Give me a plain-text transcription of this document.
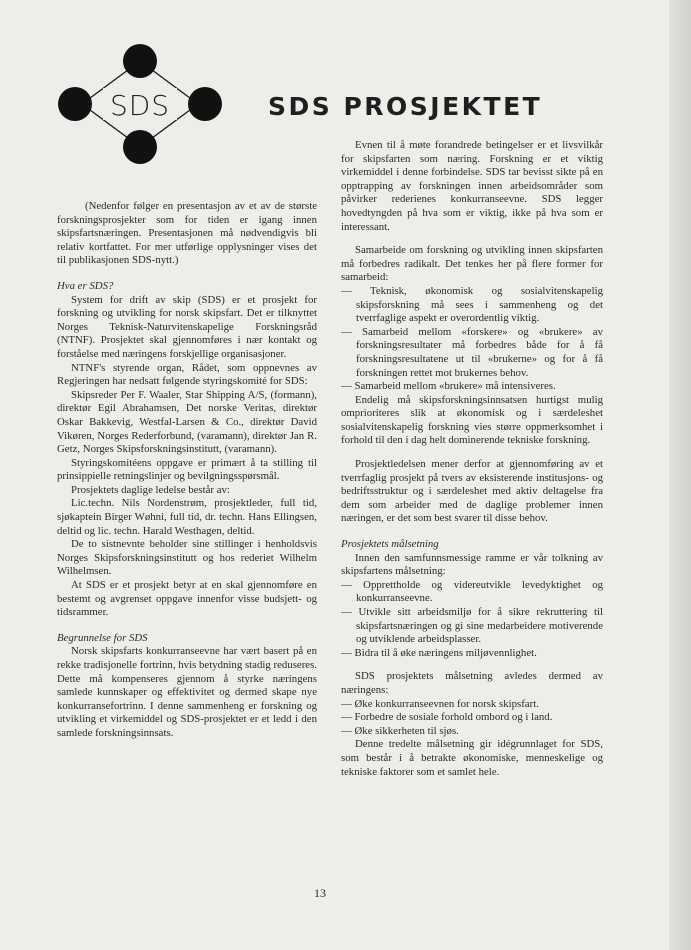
SDS	SDS PROSJEKTET

(Nedenfor følger en presentasjon av et av de største forskningsprosjekter som for tiden er igang innen skipsfartsnæringen. Presentasjonen må nødvendigvis bli relativ kortfattet. For mer utførlige opplysninger vises det til publikasjonen SDS-nytt.)

Hva er SDS?

System for drift av skip (SDS) er et prosjekt for forskning og utvikling for norsk skipsfart. Det er tilknyttet Norges Teknisk-Naturvitenskapelige Forskningsråd (NTNF). Prosjektet skal gjennomføres i nær kontakt og forståelse med næringens forskjellige organisasjoner.

NTNF's styrende organ, Rådet, som oppnevnes av Regjeringen har nedsatt følgende styringskomité for SDS:

Skipsreder Per F. Waaler, Star Shipping A/S, (formann), direktør Egil Abrahamsen, Det norske Veritas, direktør Oskar Bakkevig, Westfal-Larsen & Co., direktør David Vikøren, Norges Rederforbund, (varamann), direktør Jan R. Getz, Norges Skipsforskningsinstitutt, (varamann).

Styringskomitéens oppgave er primært å ta stilling til prinsippielle retningslinjer og bevilgningsspørsmål.

Prosjektets daglige ledelse består av:

Lic.techn. Nils Nordenstrøm, prosjektleder, full tid, sjøkaptein Birger Wøhni, full tid, dr. techn. Hans Ellingsen, deltid og lic. techn. Harald Westhagen, deltid.

De to sistnevnte beholder sine stillinger i henholdsvis Norges Skipsforskningsinstitutt og hos rederiet Wilhelm Wilhelmsen.

At SDS er et prosjekt betyr at en skal gjennomføre en bestemt og avgrenset oppgave innenfor visse budsjett- og tidsrammer.

Begrunnelse for SDS

Norsk skipsfarts konkurranseevne har vært basert på en rekke tradisjonelle fortrinn, hvis betydning stadig reduseres. Dette må kompenseres gjennom å styrke næringens samlede kunnskaper og effektivitet og dermed skape nye konkurransefortrinn. I denne sammenheng er forskning og utvikling et virkemiddel og SDS-prosjektet er et ledd i den samlede forskningsinnsats.

Evnen til å møte forandrede betingelser er et livsvilkår for skipsfarten som næring. Forskning er et viktig virkemiddel i denne forbindelse. SDS tar bevisst sikte på en opptrapping av forskningen innen arbeidsområder som påvirker rederienes konkurranseevne. SDS legger hovedtyngden på hva som er viktig, ikke på hva som er interessant.

Samarbeide om forskning og utvikling innen skipsfarten må forbedres radikalt. Det tenkes her på flere former for samarbeid:

— Teknisk, økonomisk og sosialvitenskapelig skipsforskning må sees i sammenheng og det tverrfaglige aspekt er overordentlig viktig.

— Samarbeid mellom «forskere» og «brukere» av forskningsresultater må forbedres både for å få forskningsresultatene ut til «brukerne» og for å få forskningen rettet mot brukernes behov.

— Samarbeid mellom «brukere» må intensiveres.

Endelig må skipsforskningsinnsatsen hurtigst mulig omprioriteres slik at økonomisk og i særdeleshet sosialvitenskapelig forskning vies større oppmerksomhet i forhold til den i dag helt dominerende tekniske forskning.

Prosjektledelsen mener derfor at gjennomføring av et tverrfaglig prosjekt på tvers av eksisterende institusjons- og bedriftsstruktur og i særdeleshet med aktiv deltagelse fra dem som arbeider med de daglige problemer innen næringen, er det som best svarer til disse behov.

Prosjektets målsetning

Innen den samfunnsmessige ramme er vår tolkning av skipsfartens målsetning:

— Opprettholde og videreutvikle levedyktighet og konkurranseevne.

— Utvikle sitt arbeidsmiljø for å sikre rekruttering til skipsfartsnæringen og gi sine medarbeidere motiverende og utviklende arbeidsplasser.

— Bidra til å øke næringens miljøvennlighet.

SDS prosjektets målsetning avledes dermed av næringens:

— Øke konkurranseevnen for norsk skipsfart.

— Forbedre de sosiale forhold ombord og i land.

— Øke sikkerheten til sjøs.

Denne tredelte målsetning gir idégrunnlaget for SDS, som består i å betrakte økonomiske, menneskelige og tekniske faktorer som et samlet hele.

13
